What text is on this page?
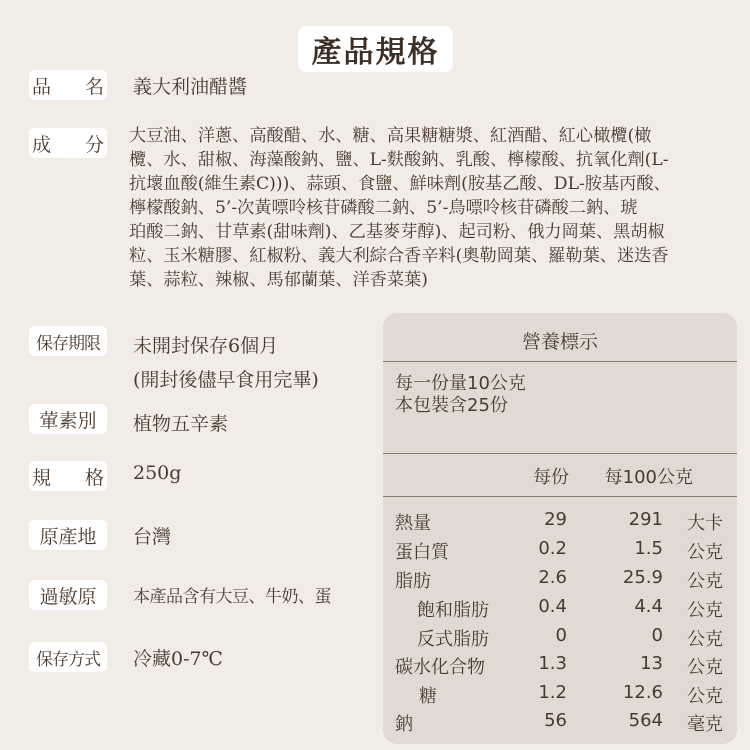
產品規格
品 名 義大利油醋醬
成 分 大豆油、洋蔥、高酸醋、水、糖、高果糖糖漿、紅酒醋、紅心橄欖(橄
欖、水、甜椒、海藻酸鈉、鹽、L-麩酸鈉、乳酸、檸檬酸、抗氧化劑(L-
抗壞血酸(維生素C)))、蒜頭、食鹽、鮮味劑(胺基乙酸、DL-胺基丙酸、
檸檬酸鈉、5’-次黃嘌呤核苷磷酸二鈉、5’-鳥嘌呤核苷磷酸二鈉、琥
珀酸二鈉、甘草素(甜味劑)、乙基麥芽醇)、起司粉、俄力岡葉、黑胡椒
粒、玉米糖膠、紅椒粉、義大利綜合香辛料(奧勒岡葉、羅勒葉、迷迭香
葉、蒜粒、辣椒、馬郁蘭葉、洋香菜葉)
保存期限	未開封保存6個月
(開封後儘早食用完畢)
葷素別	植物五辛素
規 格 250g
原產地	台灣
過敏原	本產品含有大豆、牛奶、蛋
保存方式	冷藏0-7℃
營養標示
每一份量10公克
本包裝含25份
每份 每100公克
熱量	29	291 大卡
蛋白質	0.2	1.5 公克
脂肪	2.6	25.9 公克
飽和脂肪	0.4	4.4 公克
反式脂肪	0	0 公克
碳水化合物	1.3	13 公克
糖	1.2	12.6 公克
鈉	56	564 毫克
